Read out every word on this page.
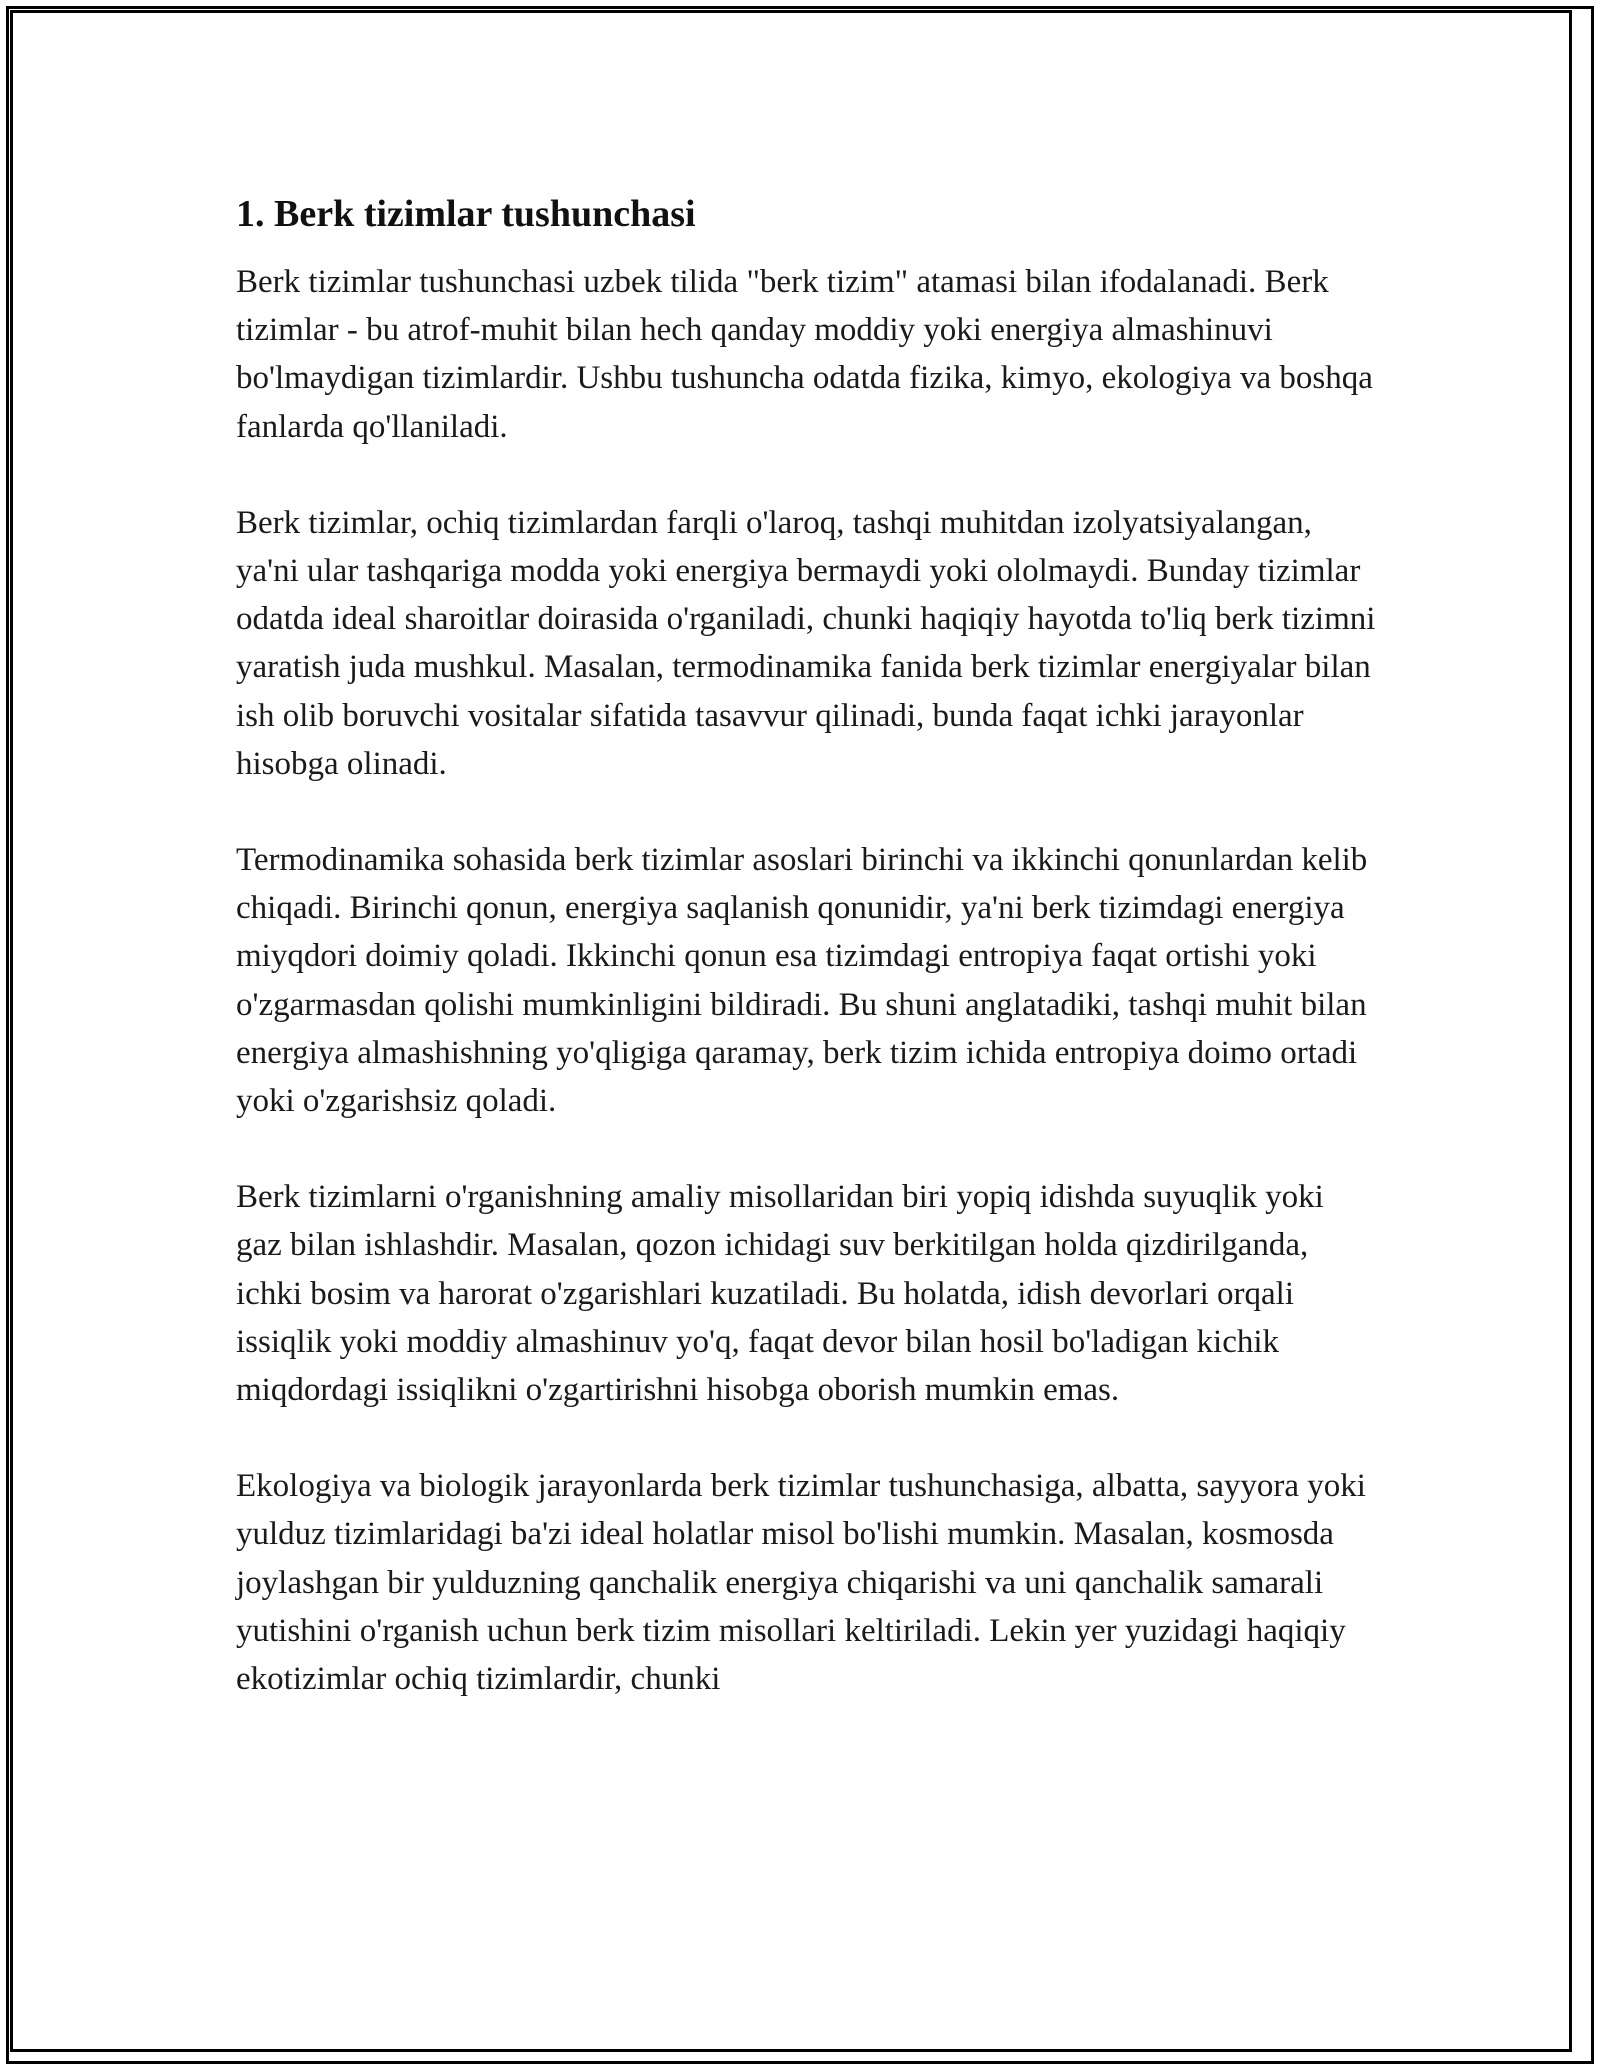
1. Berk tizimlar tushunchasi

Berk tizimlar tushunchasi uzbek tilida "berk tizim" atamasi bilan ifodalanadi. Berk tizimlar - bu atrof-muhit bilan hech qanday moddiy yoki energiya almashinuvi bo'lmaydigan tizimlardir. Ushbu tushuncha odatda fizika, kimyo, ekologiya va boshqa fanlarda qo'llaniladi.

Berk tizimlar, ochiq tizimlardan farqli o'laroq, tashqi muhitdan izolyatsiyalangan, ya'ni ular tashqariga modda yoki energiya bermaydi yoki ololmaydi. Bunday tizimlar odatda ideal sharoitlar doirasida o'rganiladi, chunki haqiqiy hayotda to'liq berk tizimni yaratish juda mushkul. Masalan, termodinamika fanida berk tizimlar energiyalar bilan ish olib boruvchi vositalar sifatida tasavvur qilinadi, bunda faqat ichki jarayonlar hisobga olinadi.

Termodinamika sohasida berk tizimlar asoslari birinchi va ikkinchi qonunlardan kelib chiqadi. Birinchi qonun, energiya saqlanish qonunidir, ya'ni berk tizimdagi energiya miyqdori doimiy qoladi. Ikkinchi qonun esa tizimdagi entropiya faqat ortishi yoki o'zgarmasdan qolishi mumkinligini bildiradi. Bu shuni anglatadiki, tashqi muhit bilan energiya almashishning yo'qligiga qaramay, berk tizim ichida entropiya doimo ortadi yoki o'zgarishsiz qoladi.

Berk tizimlarni o'rganishning amaliy misollaridan biri yopiq idishda suyuqlik yoki gaz bilan ishlashdir. Masalan, qozon ichidagi suv berkitilgan holda qizdirilganda, ichki bosim va harorat o'zgarishlari kuzatiladi. Bu holatda, idish devorlari orqali issiqlik yoki moddiy almashinuv yo'q, faqat devor bilan hosil bo'ladigan kichik miqdordagi issiqlikni o'zgartirishni hisobga oborish mumkin emas.

Ekologiya va biologik jarayonlarda berk tizimlar tushunchasiga, albatta, sayyora yoki yulduz tizimlaridagi ba'zi ideal holatlar misol bo'lishi mumkin. Masalan, kosmosda joylashgan bir yulduzning qanchalik energiya chiqarishi va uni qanchalik samarali yutishini o'rganish uchun berk tizim misollari keltiriladi. Lekin yer yuzidagi haqiqiy ekotizimlar ochiq tizimlardir, chunki
